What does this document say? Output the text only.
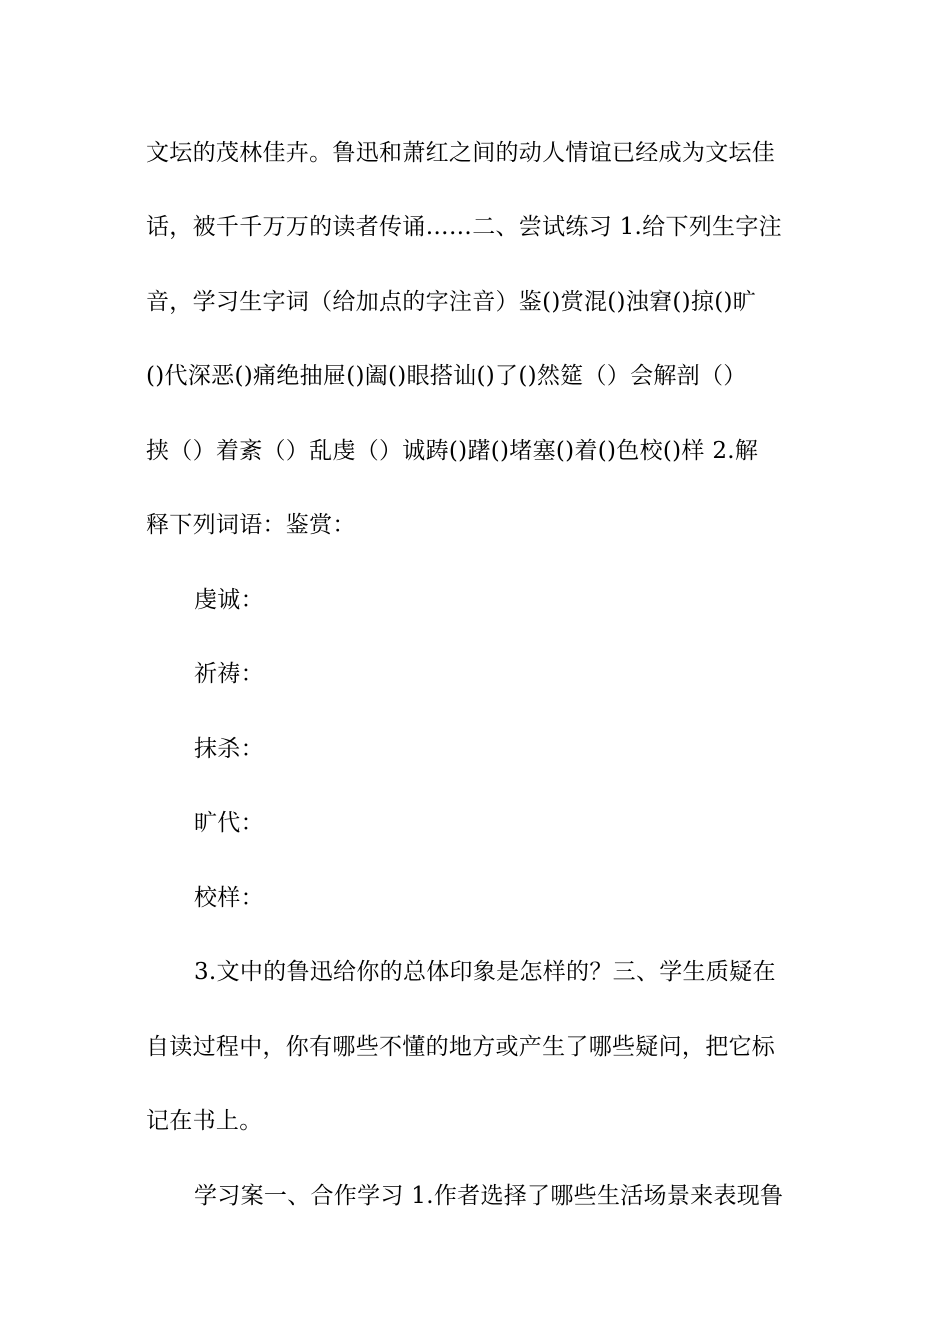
文坛的茂林佳卉。鲁迅和萧红之间的动人情谊已经成为文坛佳
话，被千千万万的读者传诵……二、尝试练习 1.给下列生字注
音，学习生字词（给加点的字注音）鉴()赏混()浊窘()掠()旷
()代深恶()痛绝抽屉()阖()眼搭讪()了()然筵（）会解剖（）
挟（）着紊（）乱虔（）诚踌()躇()堵塞()着()色校()样 2.解
释下列词语：鉴赏：
虔诚：
祈祷：
抹杀：
旷代：
校样：
3.文中的鲁迅给你的总体印象是怎样的？三、学生质疑在
自读过程中，你有哪些不懂的地方或产生了哪些疑问，把它标
记在书上。
学习案一、合作学习 1.作者选择了哪些生活场景来表现鲁
